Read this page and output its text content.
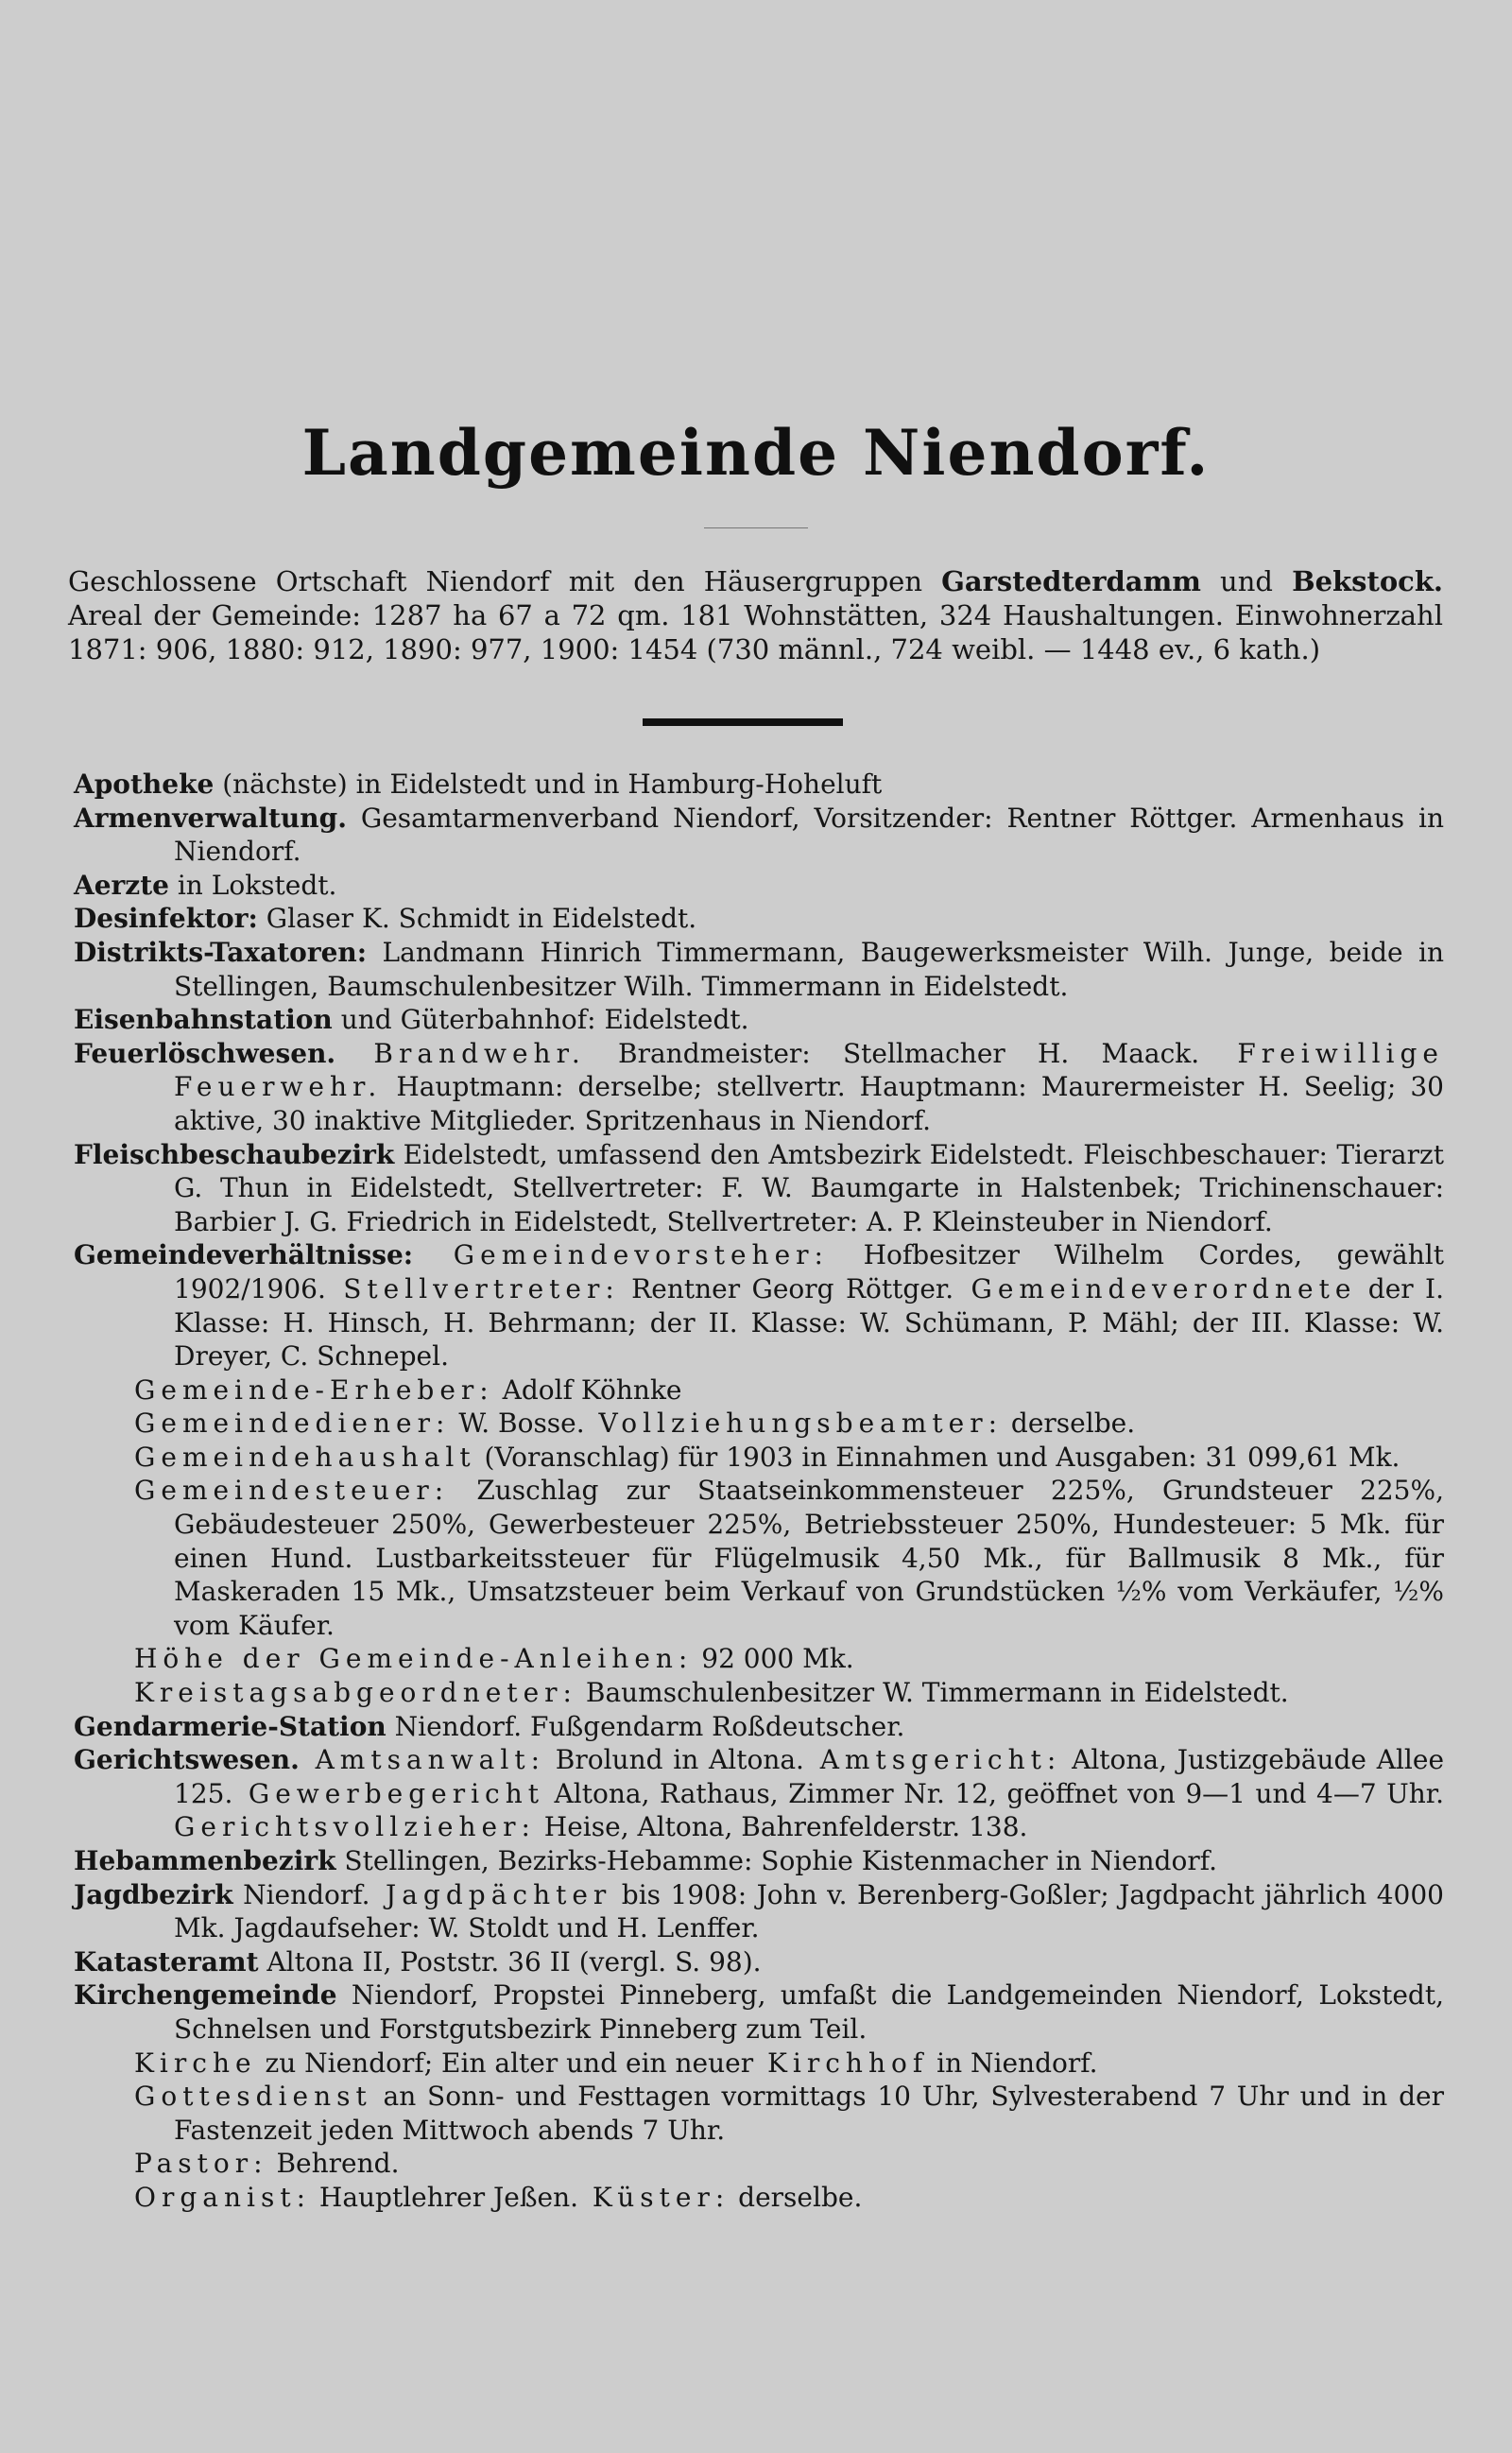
Landgemeinde Niendorf.
Geschlossene Ortschaft Niendorf mit den Häusergruppen Garstedterdamm und Bekstock. Areal der Gemeinde: 1287 ha 67 a 72 qm. 181 Wohnstätten, 324 Haushaltungen. Einwohnerzahl 1871: 906, 1880: 912, 1890: 977, 1900: 1454 (730 männl., 724 weibl. — 1448 ev., 6 kath.)

Apotheke (nächste) in Eidelstedt und in Hamburg-Hoheluft

Armenverwaltung. Gesamtarmenverband Niendorf, Vorsitzender: Rentner Röttger. Armenhaus in Niendorf.

Aerzte in Lokstedt.

Desinfektor: Glaser K. Schmidt in Eidelstedt.

Distrikts-Taxatoren: Landmann Hinrich Timmermann, Baugewerksmeister Wilh. Junge, beide in Stellingen, Baumschulenbesitzer Wilh. Timmermann in Eidelstedt.

Eisenbahnstation und Güterbahnhof: Eidelstedt.

Feuerlöschwesen. Brandwehr. Brandmeister: Stellmacher H. Maack. Freiwillige Feuerwehr. Hauptmann: derselbe; stellvertr. Hauptmann: Maurermeister H. Seelig; 30 aktive, 30 inaktive Mitglieder. Spritzenhaus in Niendorf.

Fleischbeschaubezirk Eidelstedt, umfassend den Amtsbezirk Eidelstedt. Fleischbeschauer: Tierarzt G. Thun in Eidelstedt, Stellvertreter: F. W. Baumgarte in Halstenbek; Trichinenschauer: Barbier J. G. Friedrich in Eidelstedt, Stellvertreter: A. P. Kleinsteuber in Niendorf.

Gemeindeverhältnisse: Gemeindevorsteher: Hofbesitzer Wilhelm Cordes, gewählt 1902/1906. Stellvertreter: Rentner Georg Röttger. Gemeindeverordnete der I. Klasse: H. Hinsch, H. Behrmann; der II. Klasse: W. Schümann, P. Mähl; der III. Klasse: W. Dreyer, C. Schnepel.

Gemeinde-Erheber: Adolf Köhnke

Gemeindediener: W. Bosse. Vollziehungsbeamter: derselbe.

Gemeindehaushalt (Voranschlag) für 1903 in Einnahmen und Ausgaben: 31 099,61 Mk.

Gemeindesteuer: Zuschlag zur Staatseinkommensteuer 225%, Grundsteuer 225%, Gebäudesteuer 250%, Gewerbesteuer 225%, Betriebssteuer 250%, Hundesteuer: 5 Mk. für einen Hund. Lustbarkeitssteuer für Flügelmusik 4,50 Mk., für Ballmusik 8 Mk., für Maskeraden 15 Mk., Umsatzsteuer beim Verkauf von Grundstücken ½% vom Verkäufer, ½% vom Käufer.

Höhe der Gemeinde-Anleihen: 92 000 Mk.

Kreistagsabgeordneter: Baumschulenbesitzer W. Timmermann in Eidelstedt.

Gendarmerie-Station Niendorf. Fußgendarm Roßdeutscher.

Gerichtswesen. Amtsanwalt: Brolund in Altona. Amtsgericht: Altona, Justizgebäude Allee 125. Gewerbegericht Altona, Rathaus, Zimmer Nr. 12, geöffnet von 9—1 und 4—7 Uhr. Gerichtsvollzieher: Heise, Altona, Bahrenfelderstr. 138.

Hebammenbezirk Stellingen, Bezirks-Hebamme: Sophie Kistenmacher in Niendorf.

Jagdbezirk Niendorf. Jagdpächter bis 1908: John v. Berenberg-Goßler; Jagdpacht jährlich 4000 Mk. Jagdaufseher: W. Stoldt und H. Lenffer.

Katasteramt Altona II, Poststr. 36 II (vergl. S. 98).

Kirchengemeinde Niendorf, Propstei Pinneberg, umfaßt die Landgemeinden Niendorf, Lokstedt, Schnelsen und Forstgutsbezirk Pinneberg zum Teil.

Kirche zu Niendorf; Ein alter und ein neuer Kirchhof in Niendorf.

Gottesdienst an Sonn- und Festtagen vormittags 10 Uhr, Sylvesterabend 7 Uhr und in der Fastenzeit jeden Mittwoch abends 7 Uhr.

Pastor: Behrend.

Organist: Hauptlehrer Jeßen. Küster: derselbe.
